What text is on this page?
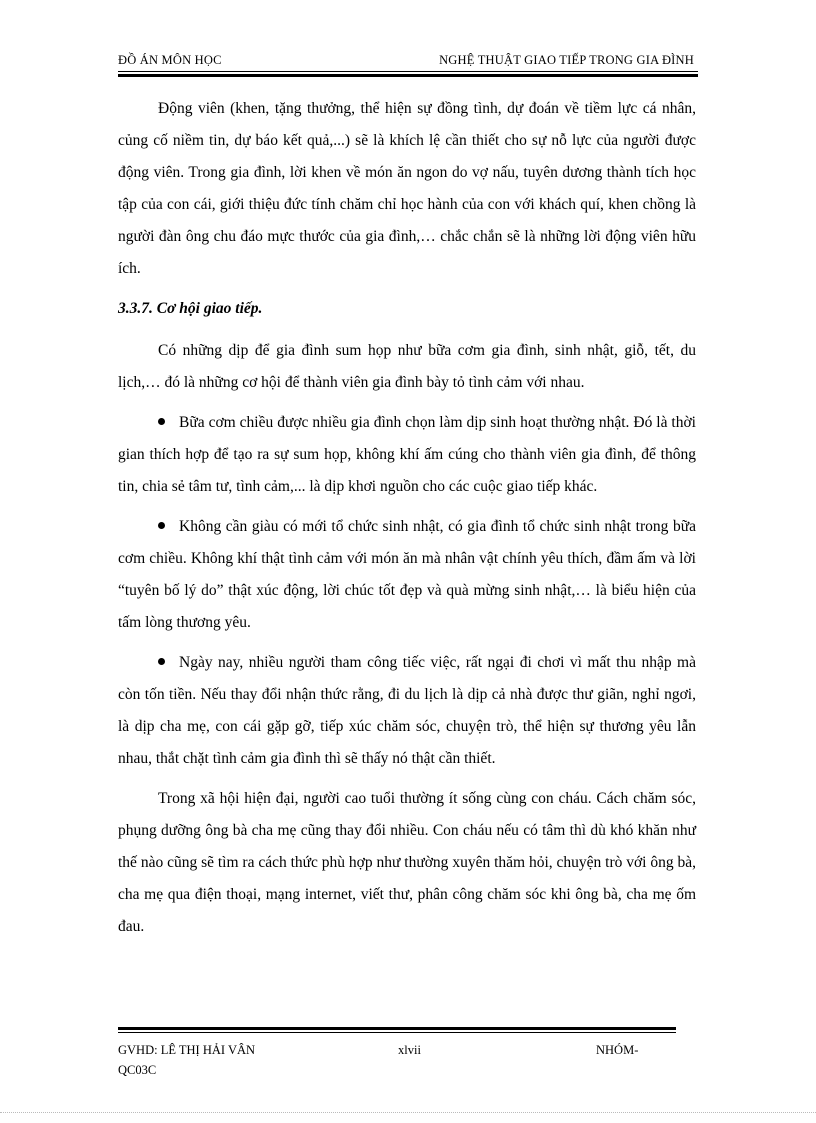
ĐỒ ÁN MÔN HỌC	NGHỆ THUẬT GIAO TIẾP TRONG GIA ĐÌNH

Động viên (khen, tặng thưởng, thể hiện sự đồng tình, dự đoán về tiềm lực cá nhân, củng cố niềm tin, dự báo kết quả,...) sẽ là khích lệ cần thiết cho sự nỗ lực của người được động viên. Trong gia đình, lời khen về món ăn ngon do vợ nấu, tuyên dương thành tích học tập của con cái, giới thiệu đức tính chăm chỉ học hành của con với khách quí, khen chồng là người đàn ông chu đáo mực thước của gia đình,… chắc chắn sẽ là những lời động viên hữu ích.

3.3.7. Cơ hội giao tiếp.

Có những dịp để gia đình sum họp như bữa cơm gia đình, sinh nhật, giỗ, tết, du lịch,… đó là những cơ hội để thành viên gia đình bày tỏ tình cảm với nhau.

Bữa cơm chiều được nhiều gia đình chọn làm dịp sinh hoạt thường nhật. Đó là thời gian thích hợp để tạo ra sự sum họp, không khí ấm cúng cho thành viên gia đình, để thông tin, chia sẻ tâm tư, tình cảm,... là dịp khơi nguồn cho các cuộc giao tiếp khác.

Không cần giàu có mới tổ chức sinh nhật, có gia đình tổ chức sinh nhật trong bữa cơm chiều. Không khí thật tình cảm với món ăn mà nhân vật chính yêu thích, đầm ấm và lời “tuyên bố lý do” thật xúc động, lời chúc tốt đẹp và quà mừng sinh nhật,… là biểu hiện của tấm lòng thương yêu.

Ngày nay, nhiều người tham công tiếc việc, rất ngại đi chơi vì mất thu nhập mà còn tốn tiền. Nếu thay đổi nhận thức rằng, đi du lịch là dịp cả nhà được thư giãn, nghỉ ngơi, là dịp cha mẹ, con cái gặp gỡ, tiếp xúc chăm sóc, chuyện trò, thể hiện sự thương yêu lẫn nhau, thắt chặt tình cảm gia đình thì sẽ thấy nó thật cần thiết.

Trong xã hội hiện đại, người cao tuổi thường ít sống cùng con cháu. Cách chăm sóc, phụng dưỡng ông bà cha mẹ cũng thay đổi nhiều. Con cháu nếu có tâm thì dù khó khăn như thế nào cũng sẽ tìm ra cách thức phù hợp như thường xuyên thăm hỏi, chuyện trò với ông bà, cha mẹ qua điện thoại, mạng internet, viết thư, phân công chăm sóc khi ông bà, cha mẹ ốm đau.

GVHD: LÊ THỊ HẢI VÂN	xlvii	NHÓM-
QC03C
